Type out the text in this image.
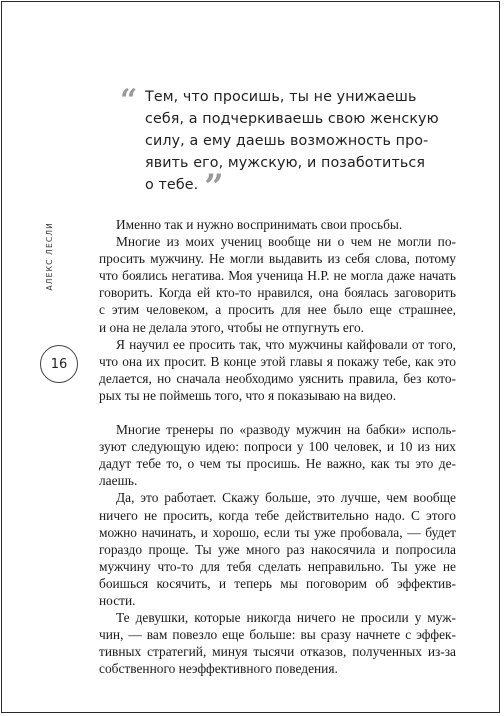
“ Тем, что просишь, ты не унижаешь
себя, а подчеркиваешь свою женскую
силу, а ему даешь возможность про-
явить его, мужскую, и позаботиться
о тебе. ”

АЛЕКС ЛЕСЛИ
16
Именно так и нужно воспринимать свои просьбы.
Многие из моих учениц вообще ни о чем не могли по-
просить мужчину. Не могли выдавить из себя слова, потому
что боялись негатива. Моя ученица Н.Р. не могла даже начать
говорить. Когда ей кто-то нравился, она боялась заговорить
с этим человеком, а просить для нее было еще страшнее,
и она не делала этого, чтобы не отпугнуть его.
Я научил ее просить так, что мужчины кайфовали от того,
что она их просит. В конце этой главы я покажу тебе, как это
делается, но сначала необходимо уяснить правила, без кото-
рых ты не поймешь того, что я показываю на видео.
Многие тренеры по «разводу мужчин на бабки» исполь-
зуют следующую идею: попроси у 100 человек, и 10 из них
дадут тебе то, о чем ты просишь. Не важно, как ты это де-
лаешь.
Да, это работает. Скажу больше, это лучше, чем вообще
ничего не просить, когда тебе действительно надо. С этого
можно начинать, и хорошо, если ты уже пробовала, — будет
гораздо проще. Ты уже много раз накосячила и попросила
мужчину что-то для тебя сделать неправильно. Ты уже не
боишься косячить, и теперь мы поговорим об эффектив-
ности.
Те девушки, которые никогда ничего не просили у муж-
чин, — вам повезло еще больше: вы сразу начнете с эффек-
тивных стратегий, минуя тысячи отказов, полученных из-за
собственного неэффективного поведения.
